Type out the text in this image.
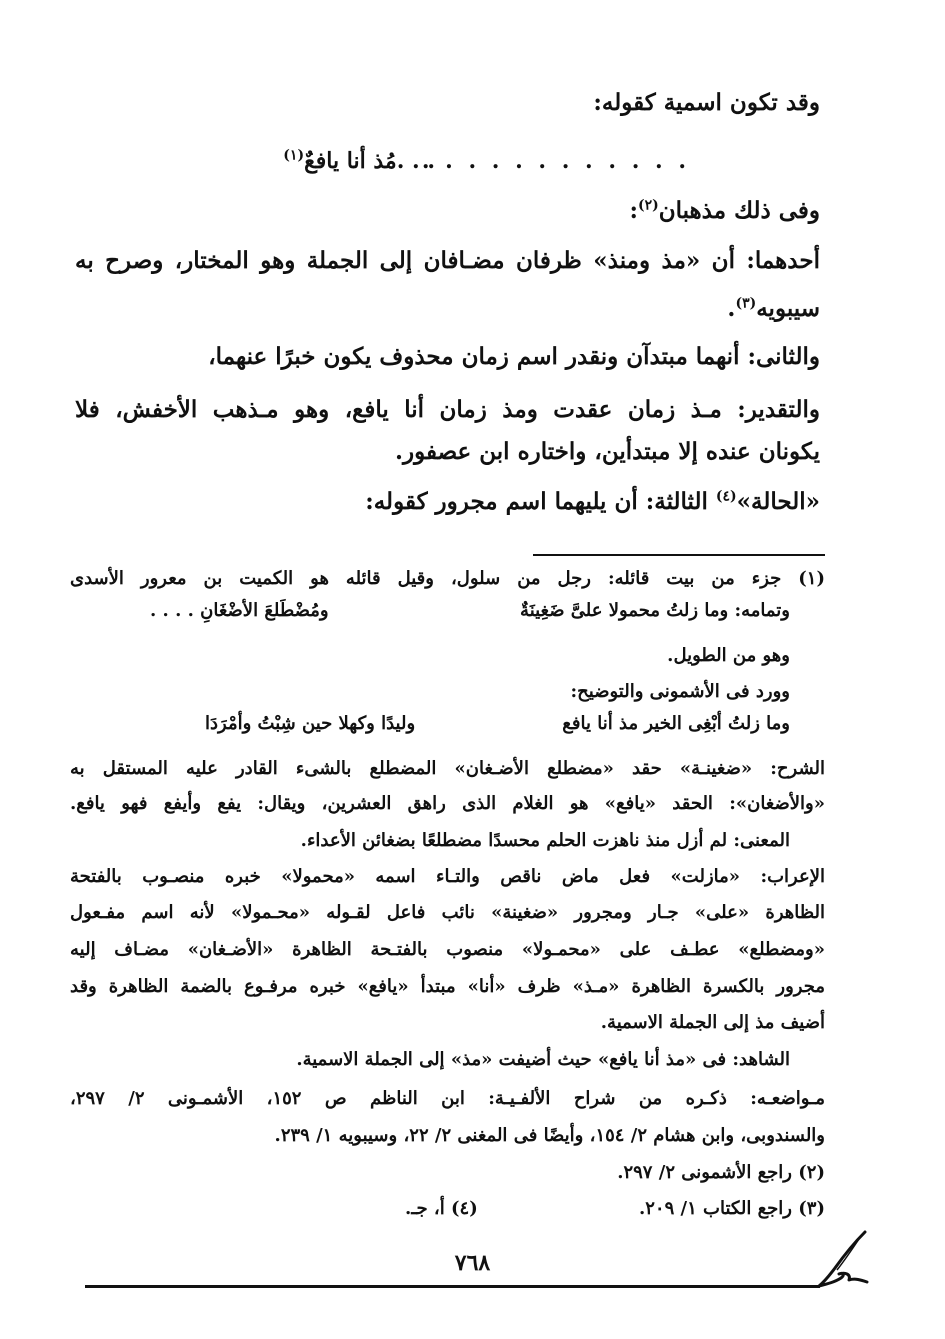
وقد تكون اسمية كقوله:
. . . . . . . . . . . .
. . .مُذ أنا يافعٌ$^{(١)}$
وفى ذلك مذهبان$^{(٢)}$:
أحدهما: أن «مذ ومنذ» ظرفان مضـافان إلى الجملة وهو المختار، وصرح به
سيبويه$^{(٣)}$.
والثانى: أنهما مبتدآن ونقدر اسم زمان محذوف يكون خبرًا عنهما،
والتقدير: مـذ زمان عقدت ومذ زمان أنا يافع، وهو مـذهب الأخفش، فلا
يكونان عنده إلا مبتدأين، واختاره ابن عصفور.
«الحالة»$^{(٤)}$ الثالثة: أن يليهما اسم مجرور كقوله:
(١) جزء من بيت قائله: رجل من سلول، وقيل قائله هو الكميت بن معرور الأسدى
وتمامه: وما زلتُ محمولا علىَّ ضَغِينَةٌ
ومُضْطَلعَ الأضْغَانِ . . . .
وهو من الطويل.
وورد فى الأشمونى والتوضيح:
وما زلتُ أبْغِى الخير مذ أنا يافع
وليدًا وكهلا حين شِبْتُ وأمْرَدَا
الشرح: «ضغينـة» حقد «مضطلع الأضـغان» المضطلع بالشىء القادر عليه المستقل به
«والأضغان»: الحقد «يافع» هو الغلام الذى راهق العشرين، ويقال: يفع وأيفع فهو يافع.
المعنى: لم أزل منذ ناهزت الحلم محسدًا مضطلعًا بضغائن الأعداء.
الإعراب: «مازلت» فعل ماض ناقص والتـاء اسمه «محمولا» خبره منصـوب بالفتحة
الظاهرة «على» جـار ومجرور «ضغينة» نائب فاعل لقـوله «محـمولا» لأنه اسم مفـعول
«ومضطلع» عطـف على «محمـولا» منصوب بالفتـحة الظاهرة «الأضـغان» مضـاف إليه
مجرور بالكسرة الظاهرة «مـذ» ظرف «أنا» مبتدأ «يافع» خبره مرفـوع بالضمة الظاهرة وقد
أضيف مذ إلى الجملة الاسمية.
الشاهد: فى «مذ أنا يافع» حيث أضيفت «مذ» إلى الجملة الاسمية.
مـواضعـه: ذكـره من شراح الألفـيـة: ابن الناظم ص ١٥٢، الأشمـونى ٢/ ٢٩٧،
والسندوبى، وابن هشام ٢/ ١٥٤، وأيضًا فى المغنى ٢/ ٢٢، وسيبويه ١/ ٢٣٩.
(٢) راجع الأشمونى ٢/ ٢٩٧.
(٣) راجع الكتاب ١/ ٢٠٩.
(٤) أ، جـ.
٧٦٨
